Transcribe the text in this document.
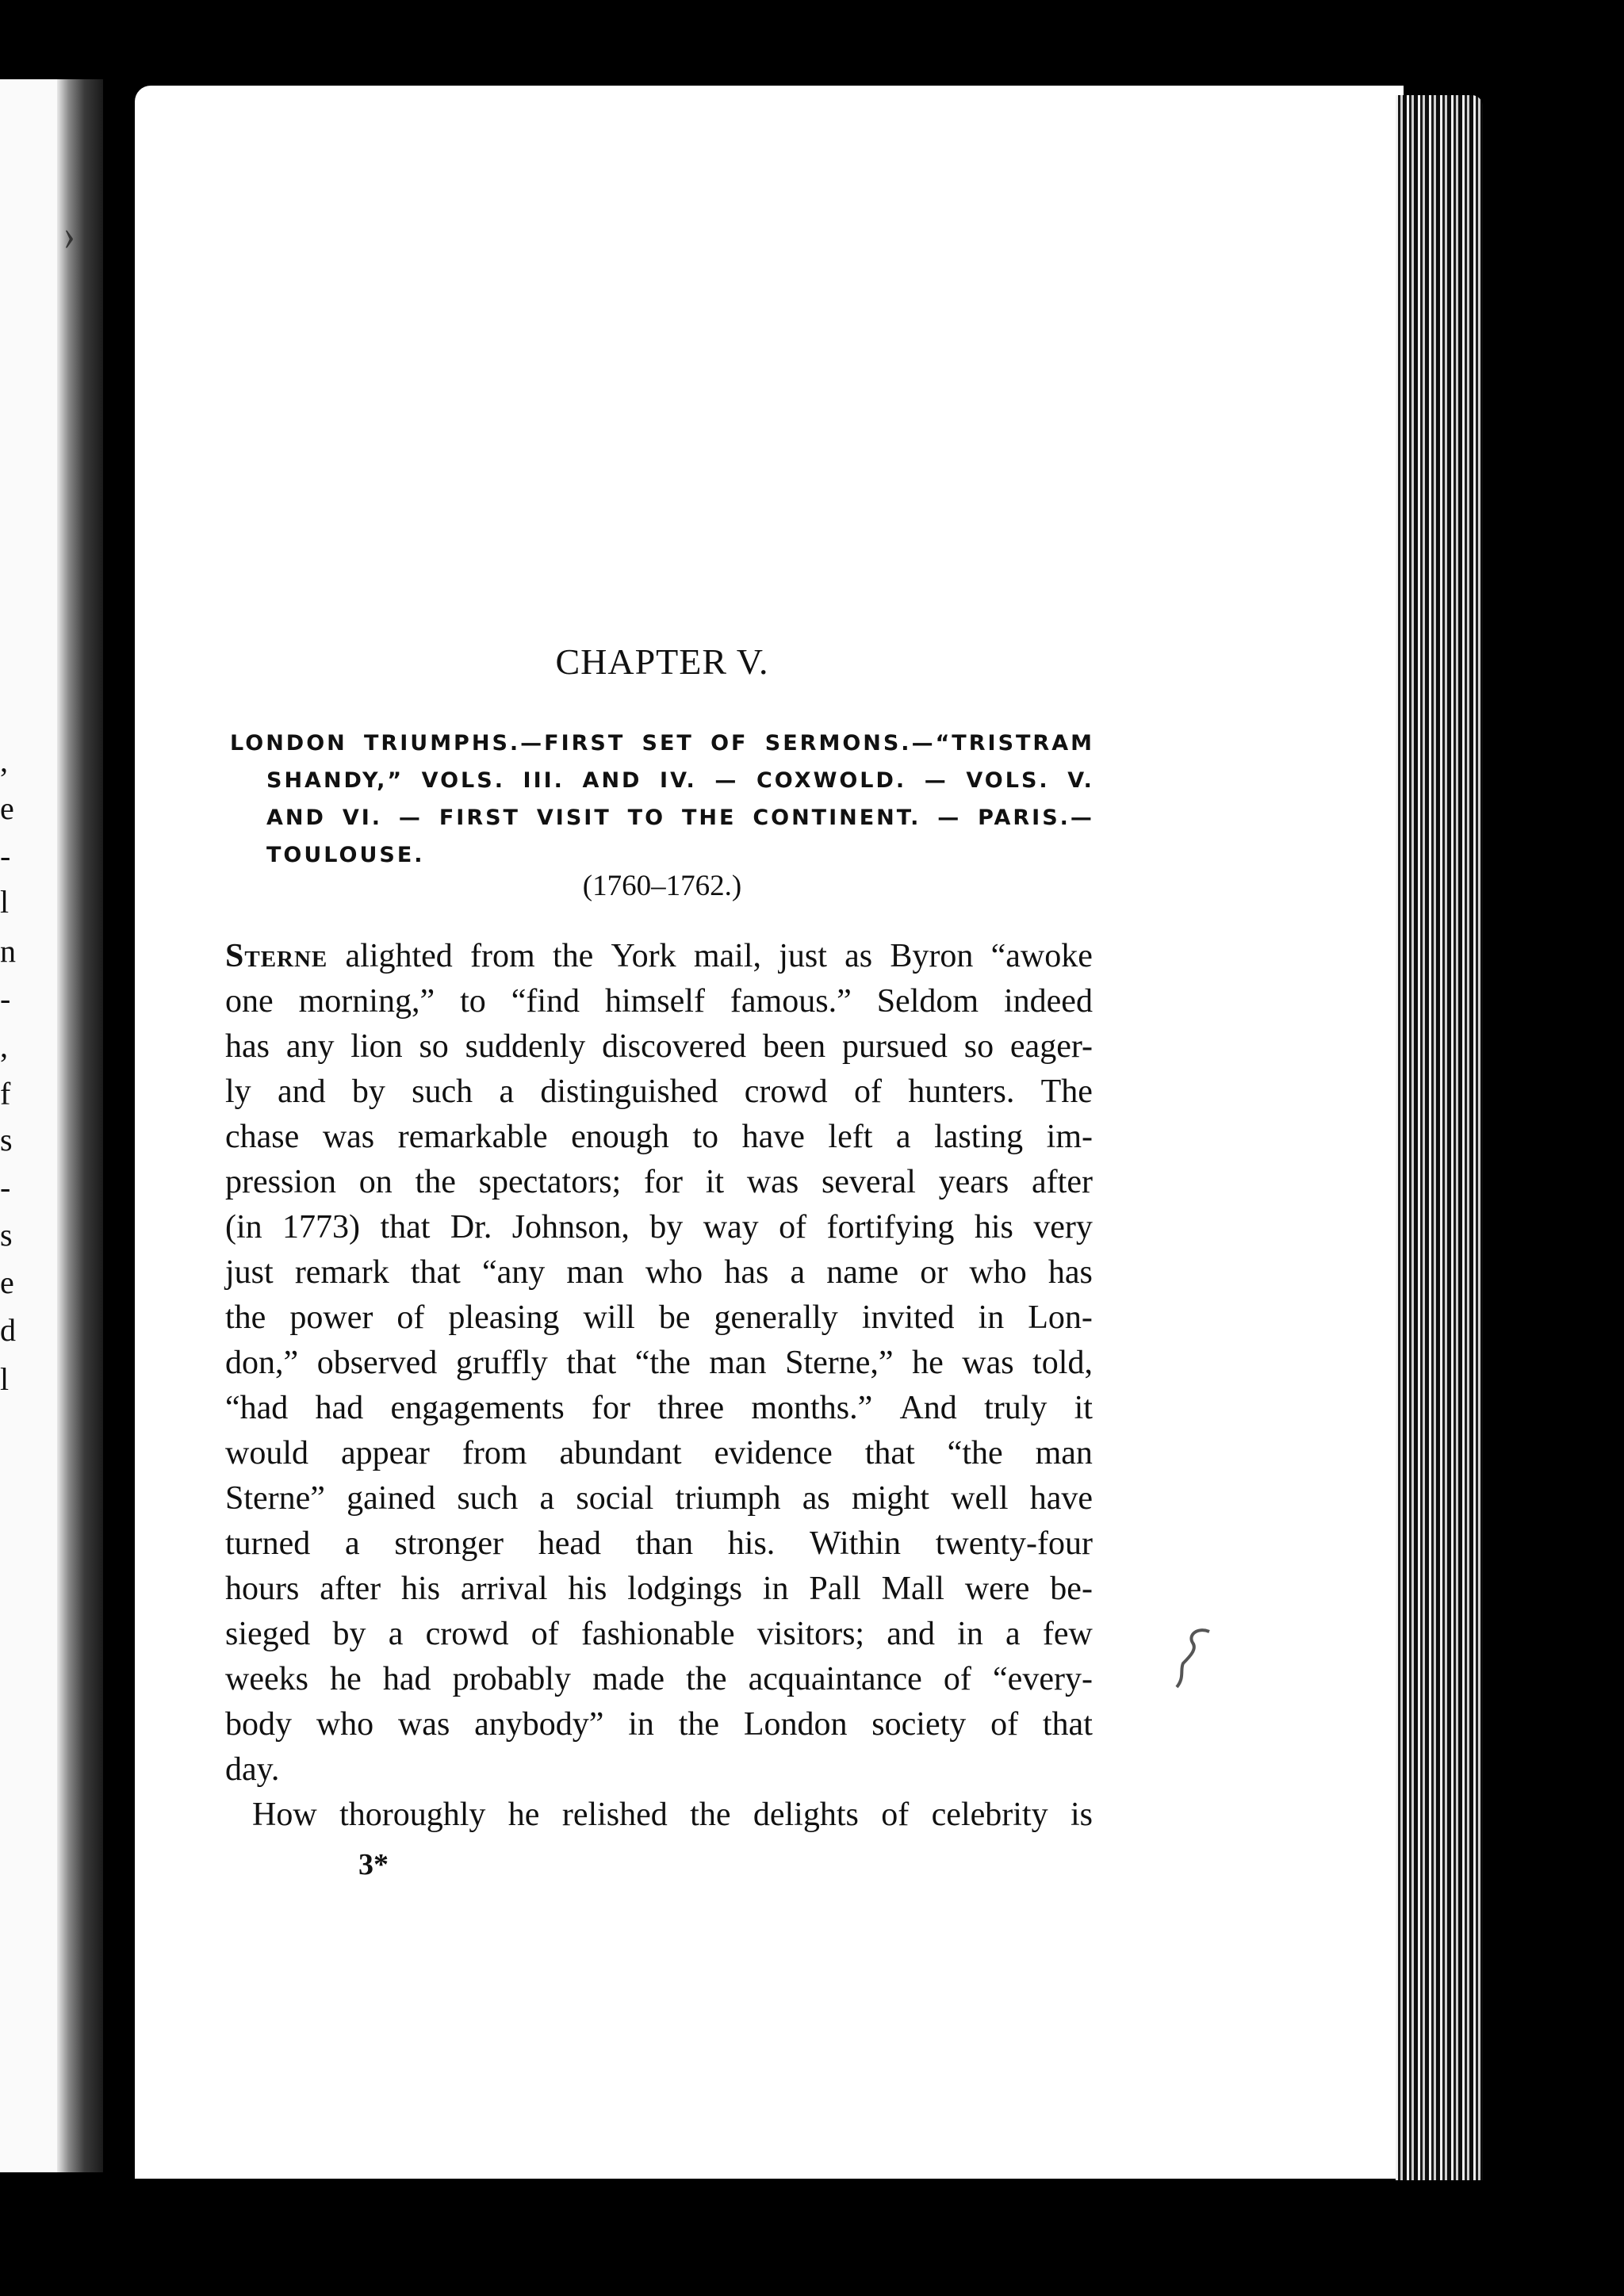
›
,
e
-
l
n
-
,
f
s
-
s
e
d
l
CHAPTER V.
LONDON TRIUMPHS.—FIRST SET OF SERMONS.—“TRISTRAM
SHANDY,” VOLS. III. AND IV. — COXWOLD. — VOLS. V.
AND VI. — FIRST VISIT TO THE CONTINENT. — PARIS.—
TOULOUSE.
(1760–1762.)
Sterne alighted from the York mail, just as Byron “awoke
one morning,” to “find himself famous.” Seldom indeed
has any lion so suddenly discovered been pursued so eager-
ly and by such a distinguished crowd of hunters. The
chase was remarkable enough to have left a lasting im-
pression on the spectators; for it was several years after
(in 1773) that Dr. Johnson, by way of fortifying his very
just remark that “any man who has a name or who has
the power of pleasing will be generally invited in Lon-
don,” observed gruffly that “the man Sterne,” he was told,
“had had engagements for three months.” And truly it
would appear from abundant evidence that “the man
Sterne” gained such a social triumph as might well have
turned a stronger head than his. Within twenty-four
hours after his arrival his lodgings in Pall Mall were be-
sieged by a crowd of fashionable visitors; and in a few
weeks he had probably made the acquaintance of “every-
body who was anybody” in the London society of that
day.
How thoroughly he relished the delights of celebrity is
3*
